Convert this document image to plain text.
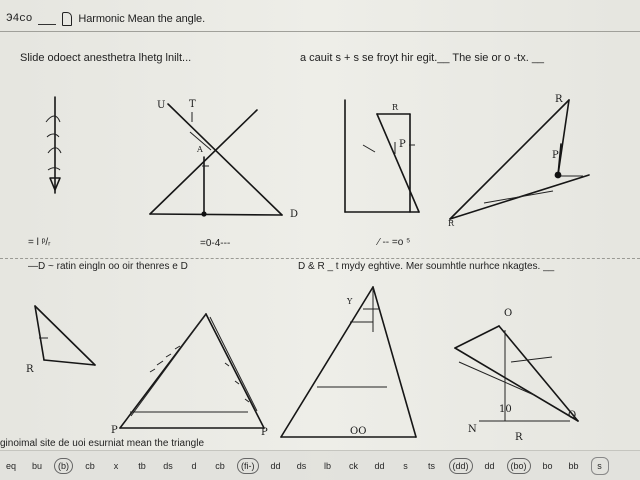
Э4со	Harmonic Mean the angle.
Slide odoect anesthetra lhetg lnilt...	a cauit s + s se froyt hir egit.__ The sie or o -tx. __
U T
A
D
R
P
R
P
R
= l ᵖ/ᵣ	=0-4---	⁄ -- =o ⁵
—D ~ ratin eingln oo oir thenres e D	D & R _ t mydy eghtive. Mer soumhtle nurhce nkagtes. __
R
P	P
Y
OO
O
N
10
R
O
ginoimal site de uoi esurniat mean the triangle
eq	bu	(b)	cb	x	tb	ds	d	cb	(fi-)	dd	ds	lb	ck	dd	s	ts	(dd)	dd	(bo)	bo	bb	s
